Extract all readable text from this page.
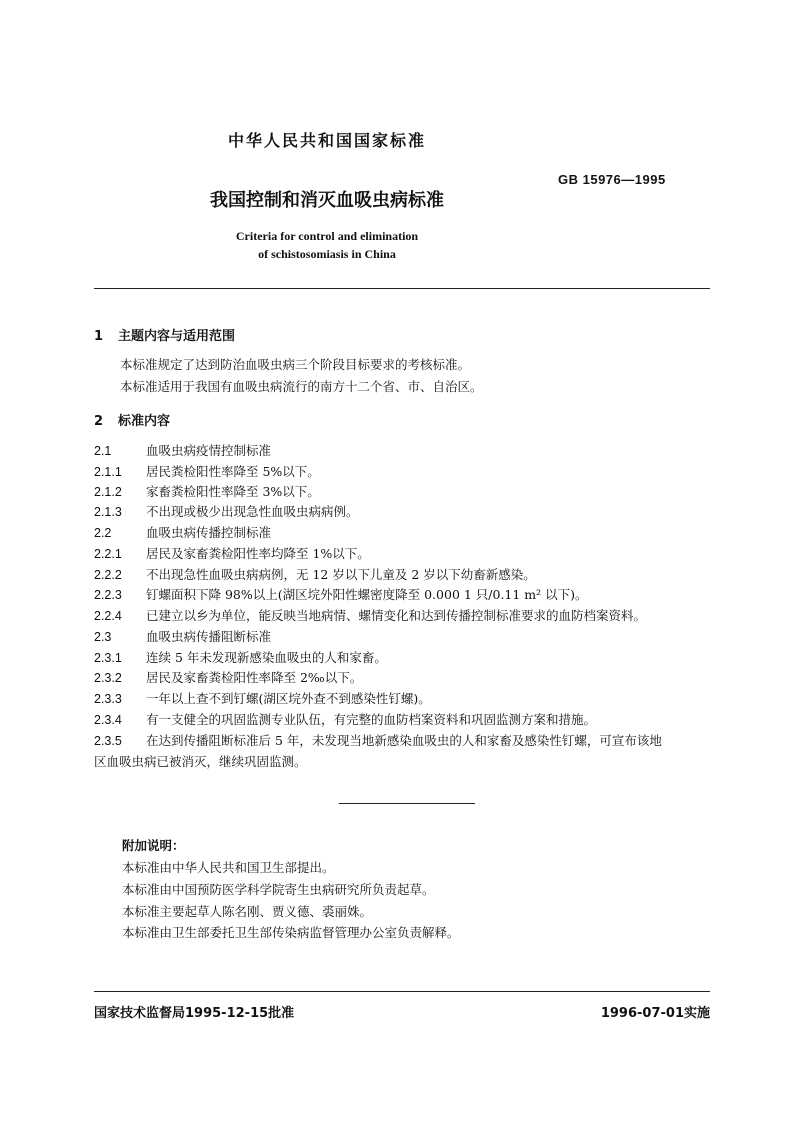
中华人民共和国国家标准
GB 15976—1995
我国控制和消灭血吸虫病标准
Criteria for control and elimination
of schistosomiasis in China
1 主题内容与适用范围
本标准规定了达到防治血吸虫病三个阶段目标要求的考核标准。
本标准适用于我国有血吸虫病流行的南方十二个省、市、自治区。
2 标准内容
2.1	血吸虫病疫情控制标准
2.1.1 居民粪检阳性率降至 5%以下。
2.1.2 家畜粪检阳性率降至 3%以下。
2.1.3 不出现或极少出现急性血吸虫病病例。
2.2	血吸虫病传播控制标准
2.2.1 居民及家畜粪检阳性率均降至 1%以下。
2.2.2 不出现急性血吸虫病病例，无 12 岁以下儿童及 2 岁以下幼畜新感染。
2.2.3 钉螺面积下降 98%以上(湖区垸外阳性螺密度降至 0.000 1 只/0.11 m² 以下)。
2.2.4 已建立以乡为单位，能反映当地病情、螺情变化和达到传播控制标准要求的血防档案资料。
2.3	血吸虫病传播阻断标准
2.3.1 连续 5 年未发现新感染血吸虫的人和家畜。
2.3.2 居民及家畜粪检阳性率降至 2‰以下。
2.3.3 一年以上查不到钉螺(湖区垸外查不到感染性钉螺)。
2.3.4 有一支健全的巩固监测专业队伍，有完整的血防档案资料和巩固监测方案和措施。
2.3.5 在达到传播阻断标准后 5 年，未发现当地新感染血吸虫的人和家畜及感染性钉螺，可宣布该地
区血吸虫病已被消灭，继续巩固监测。
附加说明：
本标准由中华人民共和国卫生部提出。
本标准由中国预防医学科学院寄生虫病研究所负责起草。
本标准主要起草人陈名刚、贾义德、裘丽姝。
本标准由卫生部委托卫生部传染病监督管理办公室负责解释。
国家技术监督局1995-12-15批准	1996-07-01实施
